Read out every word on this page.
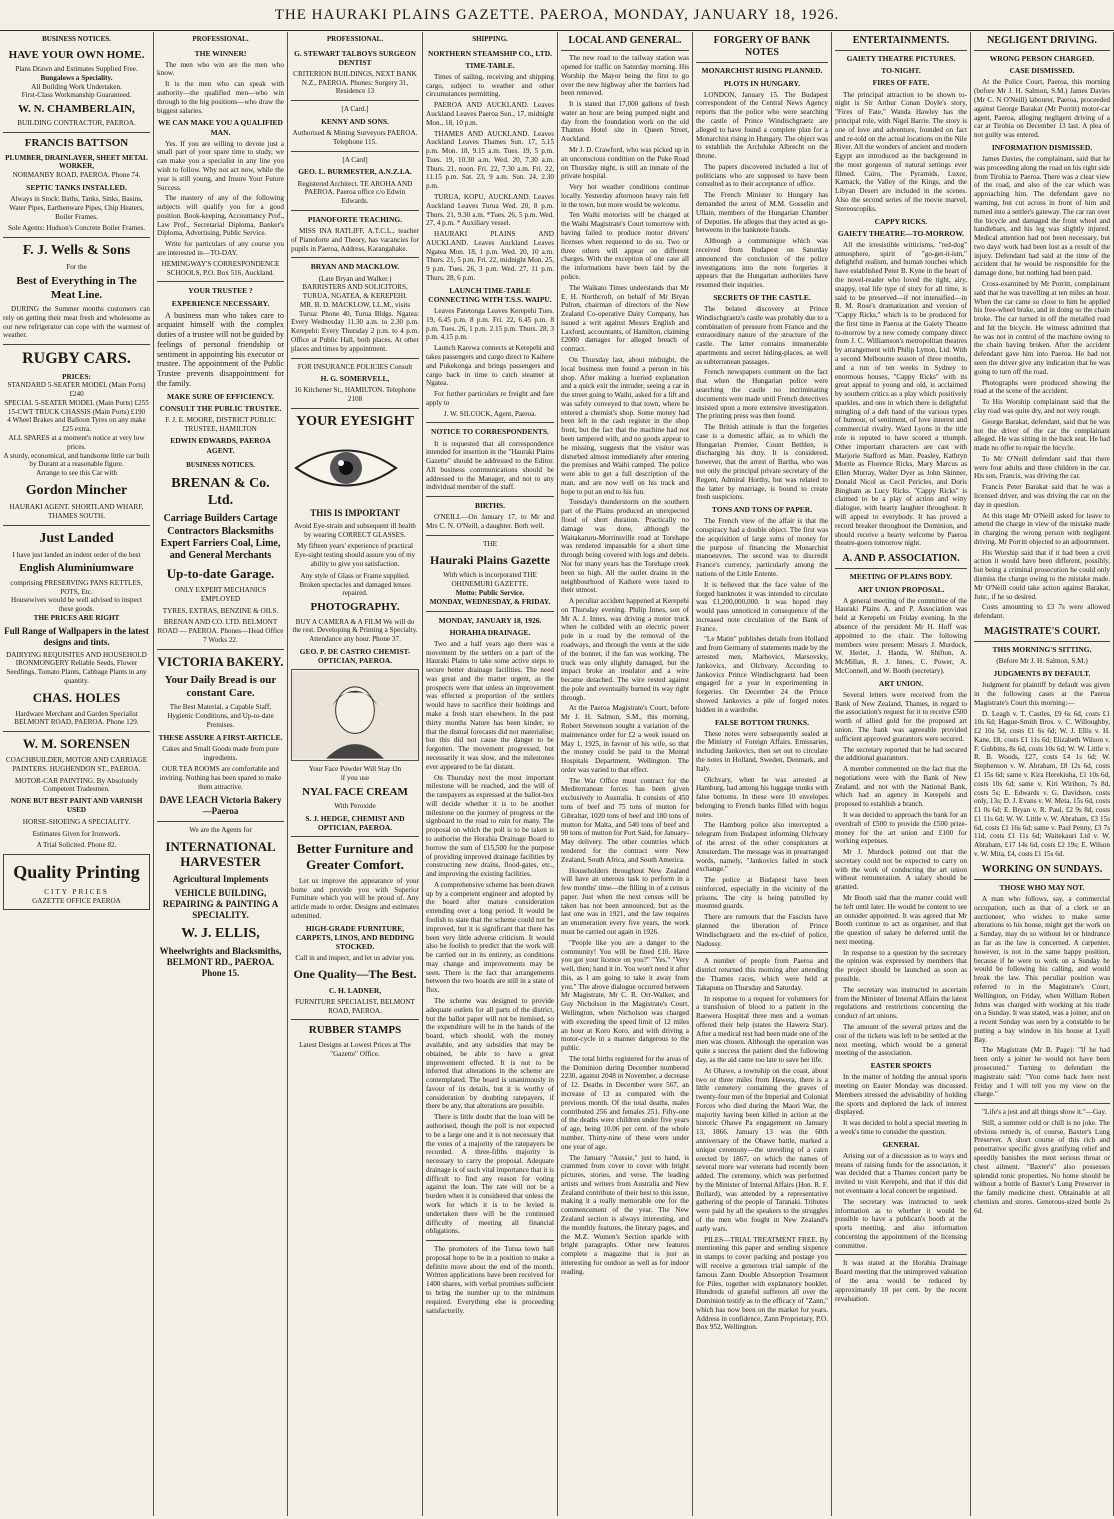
THE HAURAKI PLAINS GAZETTE. PAEROA, MONDAY, JANUARY 18, 1926.
BUSINESS NOTICES.
HAVE YOUR OWN HOME.
Plans Drawn and Estimates Supplied Free.
Bungalows a Speciality.
All Building Work Undertaken.
First-Class Workmanship Guaranteed.
W. N. CHAMBERLAIN,
BUILDING CONTRACTOR, PAEROA.
FRANCIS BATTSON
PLUMBER, DRAINLAYER, SHEET METAL WORKER,
NORMANBY ROAD, PAEROA. Phone 74.
SEPTIC TANKS INSTALLED.
Always in Stock: Baths, Tanks, Sinks, Basins, Water Pipes, Earthenware Pipes, Chip Heaters, Boiler Frames.
Sole Agents: Hudson's Concrete Boiler Frames.
F. J. Wells & Sons
For the
Best of Everything in The Meat Line.
DURING the Summer months customers can rely on getting their meat fresh and wholesome as our new refrigerator can cope with the warmest of weather.
RUGBY CARS.
PRICES:
STANDARD 5-SEATER MODEL (Main Ports) £240
SPECIAL 5-SEATER MODEL (Main Ports) £255
15-CWT TRUCK CHASSIS (Main Ports) £190
4 Wheel Brakes and Balloon Tyres on any make £25 extra.
ALL SPARES at a moment's notice at very low prices.
A sturdy, economical, and handsome little car built by Durant at a reasonable figure.
Arrange to see this Car with
Gordon Mincher
HAURAKI AGENT. SHORTLAND WHARF, THAMES SOUTH.
Just Landed
I have just landed an indent order of the best
English Aluminiumware
comprising PRESERVING PANS KETTLES, POTS, Etc.
Housewives would be well advised to inspect these goods.
THE PRICES ARE RIGHT
Full Range of Wallpapers in the latest designs and tints.
DAIRYING REQUISITES AND HOUSEHOLD IRONMONGERY Reliable Seeds, Flower Seedlings, Tomato Plants, Cabbage Plants in any quantity.
CHAS. HOLES
Hardware Merchant and Garden Specialist BELMONT ROAD, PAEROA. Phone 129.
W. M. SORENSEN
COACHBUILDER, MOTOR AND CARRIAGE PAINTERS. HUGHENDON ST., PAEROA.
MOTOR-CAR PAINTING. By Absolutely Competent Tradesmen.
NONE BUT BEST PAINT AND VARNISH USED
HORSE-SHOEING A SPECIALITY.
Estimates Given for Ironwork.
A Trial Solicited. Phone 82.
Quality Printing
CITY PRICES
GAZETTE OFFICE PAEROA
PROFESSIONAL.
THE WINNER!
The men who win are the men who know.
It is the men who can speak with authority—the qualified men—who win through to the big positions—who draw the biggest salaries.
WE CAN MAKE YOU A QUALIFIED MAN.
Yes. If you are willing to devote just a small part of your spare time to study, we can make you a specialist in any line you wish to follow. Why not act now, while the year is still young, and Insure Your Future Success.
The mastery of any of the following subjects will qualify you for a good position. Book-keeping, Accountancy Prof., Law Prof., Secretarial Diploma, Banker's Diploma, Advertising, Public Service.
Write for particulars of any course you are interested in—TO-DAY.
HEMINGWAY'S CORRESPONDENCE SCHOOLS, P.O. Box 516, Auckland.
YOUR TRUSTEE ?
EXPERIENCE NECESSARY.
A business man who takes care to acquaint himself with the complex duties of a trustee will not be guided by feelings of personal friendship or sentiment in appointing his executor or trustee. The appointment of the Public Trustee prevents disappointment for the family.
MAKE SURE OF EFFICIENCY.
CONSULT THE PUBLIC TRUSTEE.
F. J. E. MOORE, DISTRICT PUBLIC TRUSTEE, HAMILTON
EDWIN EDWARDS, PAEROA AGENT.
BUSINESS NOTICES.
BRENAN & Co. Ltd.
Carriage Builders Cartage Contractors Blacksmiths Expert Farriers Coal, Lime, and General Merchants
Up-to-date Garage.
ONLY EXPERT MECHANICS EMPLOYED
TYRES, EXTRAS, BENZINE & OILS.
BRENAN AND CO. LTD. BELMONT ROAD — PAEROA. Phones—Head Office 7 Works 22.
VICTORIA BAKERY.
Your Daily Bread is our constant Care.
The Best Material, a Capable Staff, Hygienic Conditions, and Up-to-date Premises.
THESE ASSURE A FIRST-ARTICLE.
Cakes and Small Goods made from pure ingredients.
OUR TEA ROOMS are comfortable and inviting. Nothing has been spared to make them attractive.
DAVE LEACH Victoria Bakery—Paeroa
We are the Agents for
INTERNATIONAL HARVESTER
Agricultural Implements
VEHICLE BUILDING, REPAIRING & PAINTING A SPECIALITY.
W. J. ELLIS,
Wheelwrights and Blacksmiths, BELMONT RD., PAEROA. Phone 15.
PROFESSIONAL.
G. STEWART TALBOYS SURGEON DENTIST
CRITERION BUILDINGS, NEXT BANK N.Z., PAEROA. Phones: Surgery 31, Residence 13
[A Card.]
KENNY AND SONS.
Authorised & Mining Surveyors PAEROA. Telephone 115.
[A Card]
GEO. L. BURMESTER, A.N.Z.I.A.
Registered Architect. TE AROHA AND PAEROA. Paeroa office c/o Edwin Edwards.
PIANOFORTE TEACHING.
MISS INA RATLIFF, A.T.C.L., teacher of Pianoforte and Theory, has vacancies for pupils in Paeroa, Address, Karangahake.
BRYAN AND MACKLOW.
(Late Bryan and Walker.)
BARRISTERS AND SOLICITORS, TURUA, NGATEA, & KEREPEHI.
MR. B. D. MACKLOW, LL.M., visits
Turua: Phone 40, Turua Bldgs. Ngatea: Every Wednesday 11.30 a.m. to 2.30 p.m. Kerepehi: Every Thursday 2 p.m. to 4 p.m. Office at Public Hall, both places. At other places and times by appointment.
FOR INSURANCE POLICIES Consult
H. G. SOMERVELL,
16 Kitchener St., HAMILTON. Telephone 2108
YOUR EYESIGHT
THIS IS IMPORTANT
Avoid Eye-strain and subsequent ill health by wearing CORRECT GLASSES.
My fifteen years' experience of practical Eye-sight testing should assure you of my ability to give you satisfaction.
Any style of Glass or Frame supplied. Broken spectacles and damaged lenses repaired.
PHOTOGRAPHY.
BUY A CAMERA & A FILM We will do the rest. Developing & Printing a Specialty. Attendance any hour. Phone 37.
GEO. P. DE CASTRO CHEMIST-OPTICIAN, PAEROA.
Your Face Powder Will Stay On
if you use
NYAL FACE CREAM
With Peroxide
S. J. HEDGE, CHEMIST AND OPTICIAN, PAEROA.
Better Furniture and Greater Comfort.
Let us improve the appearance of your home and provide you with Superior Furniture which you will be proud of. Any article made to order. Designs and estimates submitted.
HIGH-GRADE FURNITURE, CARPETS, LINOS, AND BEDDING STOCKED.
Call in and inspect, and let us advise you.
One Quality—The Best.
C. H. LADNER,
FURNITURE SPECIALIST, BELMONT ROAD, PAEROA.
RUBBER STAMPS
Latest Designs at Lowest Prices at The "Gazette" Office.
SHIPPING.
NORTHERN STEAMSHIP CO., LTD.
TIME-TABLE.
Times of sailing, receiving and shipping cargo, subject to weather and other circumstances permitting.
PAEROA AND AUCKLAND. Leaves Auckland Leaves Paeroa Sun., 17, midnight Mon., 18, 10 p.m.
THAMES AND AUCKLAND. Leaves Auckland Leaves Thames Sun. 17, 5.15 p.m. Mon. 18, 9.15 a.m. Tues. 19, 5 p.m. Tues. 19, 10.30 a.m. Wed. 20, 7.30 a.m. Thurs. 21, noon. Fri. 22, 7.30 a.m. Fri. 22, 11.15 p.m. Sat. 23, 9 a.m. Sun. 24, 2.30 p.m.
TURUA, KOPU, AUCKLAND. Leaves Auckland Leaves Turua Wed. 20, 8 p.m. Thurs. 21, 9.30 a.m. *Tues. 26, 5 p.m. Wed. 27, 4 p.m. * Auxiliary vessel.
HAURAKI PLAINS AND AUCKLAND. Leaves Auckland Leaves Ngatea Mon. 18, 1 p.m. Wed. 20, 10 a.m. Thurs. 21, 5 p.m. Fri. 22, midnight Mon. 25, 9 p.m. Tues. 26, 3 p.m. Wed. 27, 11 p.m. Thurs. 28, 6 p.m.
LAUNCH TIME-TABLE CONNECTING WITH T.S.S. WAIPU.
Leaves Patetonga Leaves Kerepehi Tues. 19, 6.45 p.m. 8 p.m. Fri. 22, 6.45 p.m. 8 p.m. Tues. 26, 1 p.m. 2.15 p.m. Thurs. 28, 3 p.m. 4.15 p.m.
Launch Karewa connects at Kerepehi and takes passengers and cargo direct to Kaihere and Pukekonga and brings passengers and cargo back in time to catch steamer at Ngatea.
For further particulars re freight and fare apply to
J. W. SILCOCK, Agent, Paeroa.
NOTICE TO CORRESPONDENTS.
It is requested that all correspondence intended for insertion in the "Hauraki Plains Gazette" should be addressed to the Editor. All business communications should be addressed to the Manager, and not to any individual member of the staff.
BIRTHS.
O'NEILL—On January 17, to Mr and Mrs C. N. O'Neill, a daughter. Both well.
THE
Hauraki Plains Gazette
With which is incorporated THE OHINEMURI GAZETTE.
Motto: Public Service.
MONDAY, WEDNESDAY, & FRIDAY.
MONDAY, JANUARY 18, 1926.
HORAHIA DRAINAGE.
Two and a half years ago there was a movement by the settlers on a part of the Hauraki Plains to take some active steps to secure better drainage facilities. The need was great and the matter urgent, as the prospects were that unless an improvement was effected a proportion of the settlers would have to sacrifice their holdings and make a fresh start elsewhere. In the past thirty months Nature has been kinder, so that the dismal forecasts did not materialise; but this did not cause the danger to be forgotten. The movement progressed, but necessarily it was slow, and the milestones ever appeared to be far distant.
On Thursday next the most important milestone will be reached, and the will of the ratepayers as expressed at the ballot-box will decide whether it is to be another milestone on the journey of progress or the signboard to the road to ruin for many. The proposal on which the poll is to be taken is to authorise the Horahia Drainage Board to borrow the sum of £15,500 for the purpose of providing improved drainage facilities by constructing new drains, flood-gates, etc., and improving the existing facilities.
A comprehensive scheme has been drawn up by a competent engineer and adopted by the board after mature consideration extending over a long period. It would be foolish to state that the scheme could not be improved, but it is significant that there has been very little adverse criticism. It would also be foolish to predict that the work will be carried out in its entirety, as conditions may change and improvements may be seen. There is the fact that arrangements between the two boards are still in a state of flux.
The scheme was designed to provide adequate outlets for all parts of the district, but the ballot paper will not be itemised, so the expenditure will be in the hands of the board, which should, with the money available, and any subsidies that may be obtained, be able to have a great improvement effected. It is not to be inferred that alterations in the scheme are contemplated. The board is unanimously in favour of its details, but it is worthy of consideration by doubting ratepayers, if there be any, that alterations are possible.
There is little doubt that the loan will be authorised, though the poll is not expected to be a large one and it is not necessary that the votes of a majority of the ratepayers be recorded. A three-fifths majority is necessary to carry the proposal. Adequate drainage is of such vital importance that it is difficult to find any reason for voting against the loan. The rate will not be a burden when it is considered that unless the work for which it is to be levied is undertaken there will be the continued difficulty of meeting all financial obligations.
The promoters of the Turua town hall proposal hope to be in a position to make a definite move about the end of the month. Written applications have been received for 1400 shares, with verbal promises sufficient to bring the number up to the minimum required. Everything else is proceeding satisfactorily.
LOCAL AND GENERAL.
The new road to the railway station was opened for traffic on Saturday morning. His Worship the Mayor being the first to go over the new highway after the barriers had been removed.
It is stated that 17,000 gallons of fresh water an hour are being pumped night and day from the foundation work on the old Thames Hotel site in Queen Street, Auckland.
Mr J. D. Crawford, who was picked up in an unconscious condition on the Puke Road on Thursday night, is still an inmate of the private hospital.
Very hot weather conditions continue locally. Yesterday afternoon heavy rain fell in the town, but more would be welcome.
Ten Waihi motorists will be charged at the Waihi Magistrate's Court tomorrow with having failed to produce motor drivers' licenses when requested to do so. Two or three others will appear on different charges. With the exception of one case all the informations have been laid by the police.
The Waikato Times understands that Mr E. H. Northcroft, on behalf of Mr Bryan Pulton, chairman of directors of the New Zealand Co-operative Dairy Company, has issued a writ against Messrs English and Laxford, accountants, of Hamilton, claiming £2000 damages for alleged breach of contract.
On Thursday last, about midnight, the local business men found a person in his shop. After making a hurried explanation and a quick exit the intruder, seeing a car in the street going to Waihi, asked for a lift and was safely conveyed to that town, where he entered a chemist's shop. Some money had been left in the cash register in the shop front, but the fact that the machine had not been tampered with, and no goods appear to be missing, suggests that the visitor was disturbed almost immediately after entering the premises and Waihi camped. The police were able to get a full description of the man, and are now well on his track and hope to put an end to his fun.
Tuesday's thunderstorm on the southern part of the Plains produced an unexpected flood of short duration. Practically no damage was done, although the Waitakaruru-Morrinsville road at Torehape was rendered impassable for a short time through being covered with logs and debris. Not for many years has the Torehape creek been so high. All the outlet drains in the neighbourhood of Kaihere were taxed to their utmost.
A peculiar accident happened at Kerepehi on Thursday evening. Philip Innes, son of Mr A. J. Innes, was driving a motor truck when he collided with an electric power pole in a road by the removal of the roadways, and through the vents at the side of the bonnet, if the fan was working. The truck was only slightly damaged, but the impact broke an insulator and a wire became detached. The wire rested against the pole and eventually burned its way right through.
At the Paeroa Magistrate's Court, before Mr J. H. Salmon, S.M., this morning, Robert Stevenson sought a variation of the maintenance order for £2 a week issued on May 1, 1925, in favour of his wife, so that the money could be paid to the Mental Hospitals Department, Wellington. The order was varied to that effect.
The War Office must contract for the Mediterranean forces has been given exclusively to Australia. It consists of 450 tons of beef and 75 tons of mutton for Gibraltar, 1020 tons of beef and 180 tons of mutton for Malta, and 540 tons of beef and 90 tons of mutton for Port Said, for January-May delivery. The other countries which tendered for the contract were New Zealand, South Africa, and South America.
Householders throughout New Zealand will have an onerous task to perform in a few months' time—the filling in of a census paper. Just when the next census will be taken has not been announced, but as the last one was in 1921, and the law requires an enumeration every five years, the work must be carried out again in 1926.
"People like you are a danger to the community! You will be fined £10. Have you got your licence on you?" "Yes." "Very well, then; hand it in. You won't need it after this, as I am going to take it away from you." The above dialogue occurred between Mr Magistrate, Mr C. R. Orr-Walker, and Guy Nicholson in the Magistrate's Court, Wellington, when Nicholson was charged with exceeding the speed limit of 12 miles an hour at Koro Koro, and with driving a motor-cycle in a manner dangerous to the public.
The total births registered for the areas of the Dominion during December numbered 2230, against 2048 in November, a decrease of 12. Deaths in December were 567, an increase of 13 as compared with the previous month. Of the total deaths, males contributed 256 and females 251. Fifty-one of the deaths were children under five years of age, being 10.06 per cent. of the whole number. Thirty-nine of these were under one year of age.
The January "Aussie," just to hand, is crammed from cover to cover with bright pictures, stories, and verse. The leading artists and writers from Australia and New Zealand contribute of their best to this issue, making it a really memorable one for the commencement of the year. The New Zealand section is always interesting, and the monthly features, the literary pages, and the M.Z. Women's Section sparkle with bright paragraphs. Other new features complete a magazine that is just as interesting for outdoor as well as for indoor reading.
FORGERY OF BANK NOTES
MONARCHIST RISING PLANNED.
PLOTS IN HUNGARY.
LONDON, January 15. The Budapest correspondent of the Central News Agency reports that the police who were searching the castle of Prince Windischgraetz are alleged to have found a complete plan for a Monarchist rising in Hungary. The object was to establish the Archduke Albrecht on the throne.
The papers discovered included a list of politicians who are supposed to have been consulted as to their acceptance of office.
The French Minister to Hungary has demanded the arrest of M.M. Gosselin and Ullain, members of the Hungarian Chamber of Deputies. He alleges that they acted as go-betweens in the banknote frauds.
Although a communique which was received from Budapest on Saturday announced the conclusion of the police investigations into the note forgeries it appears that the Hungarian authorities have resumed their inquiries.
SECRETS OF THE CASTLE.
The belated discovery at Prince Windischgraetz's castle was probably due to a combination of pressure from France and the extraordinary nature of the structure of the castle. The latter contains innumerable apartments and secret hiding-places, as well as subterranean passages.
French newspapers comment on the fact that when the Hungarian police were searching the castle no incriminating documents were made until French detectives insisted upon a more extensive investigation. The printing press was then found.
The British attitude is that the forgeries case is a domestic affair, as to which the Hungarian Premier, Count Bethlen, is discharging his duty. It is considered, however, that the arrest of Bartha, who was not only the principal private secretary of the Regent, Admiral Horthy, but was related to the latter by marriage, is bound to create fresh suspicions.
TONS AND TONS OF PAPER.
The French view of the affair is that the conspiracy had a double object. The first was the acquisition of large sums of money for the purpose of financing the Monarchist manoeuvres. The second was to discredit France's currency, particularly among the nations of the Little Entente.
It is believed that the face value of the forged banknotes it was intended to circulate was £1,200,000,000. It was hoped they would pass unnoticed in consequence of the increased note circulation of the Bank of France.
"Le Matin" publishes details from Holland and from Germany of statements made by the arrested men, Marhovics, Marsovsky, Jankovics, and Olchvary. According to Jankovics Prince Windischgraetz had been engaged for a year in experimenting in forgeries. On December 24 the Prince showed Jankovics a pile of forged notes hidden in a wardrobe.
FALSE BOTTOM TRUNKS.
These notes were subsequently sealed at the Ministry of Foreign Affairs. Emissaries, including Jankovics, then set out to circulate the notes in Holland, Sweden, Denmark, and Italy.
Olchvary, when he was arrested at Hamburg, had among his luggage trunks with false bottoms. In these were 10 envelopes belonging to French banks filled with bogus notes.
The Hamburg police also intercepted a telegram from Budapest informing Olchvary of the arrest of the other conspirators at Amsterdam. The message was in prearranged words, namely, "Jankovics failed in stock exchange."
The police at Budapest have been reinforced, especially in the vicinity of the prisons. The city is being patrolled by mounted guards.
There are rumours that the Fascists have planned the liberation of Prince Windischgraetz and the ex-chief of police, Nadossy.
A number of people from Paeroa and district returned this morning after attending the Thames races, which were held at Takapuna on Thursday and Saturday.
In response to a request for volunteers for a transfusion of blood to a patient in the Raewera Hospital three men and a woman offered their help (states the Hawera Star). After a medical test had been made one of the men was chosen. Although the operation was quite a success the patient died the following day, as the aid came too late to save her life.
At Ohawe, a township on the coast, about two or three miles from Hawera, there is a little cemetery containing the graves of twenty-four men of the Imperial and Colonial Forces who died during the Maori War, the majority having been killed in action at the historic Ohawe Pa engagement on January 13, 1866. January 13 was the 60th anniversary of the Ohawe battle, marked a unique ceremony—the unveiling of a cairn erected by 1867, on which the names of several more war veterans had recently been added. The ceremony, which was performed by the Minister of Internal Affairs (Hon. R. F. Bollard), was attended by a representative gathering of the people of Taranaki. Tributes were paid by all the speakers to the struggles of the men who fought in New Zealand's early wars.
PILES—TRIAL TREATMENT FREE. By mentioning this paper and sending sixpence in stamps to cover packing and postage you will receive a generous trial sample of the famous Zann Double Absorption Treatment for Piles, together with explanatory booklet. Hundreds of grateful sufferers all over the Dominion testify as to the efficacy of "Zann," which has now been on the market for years. Address in confidence, Zann Proprietary, P.O. Box 952, Wellington.
ENTERTAINMENTS.
GAIETY THEATRE PICTURES.
TO-NIGHT.
FIRES OF FATE.
The principal attraction to be shown to-night is Sir Arthur Conan Doyle's story, "Fires of Fate," Wanda Hawley has the principal role, with Nigel Barrie. The story is one of love and adventure, founded on fact and re-told on the actual locations on the Nile River. All the wonders of ancient and modern Egypt are introduced as the background in the most gorgeous of natural settings ever filmed. Cairo, The Pyramids, Luxor, Karnack, the Valley of the Kings, and the Libyan Desert are included in the scenes. Also the second series of the movie marvel, Stereoscopiks.
CAPPY RICKS.
GAIETY THEATRE—TO-MORROW.
All the irresistible witticisms, "red-dog" atmosphere, spirit of "go-get-it-ism," delightful realism, and human touches which have established Peter B. Kyne in the heart of the novel-reader who loved the tight, airy, snappy, real life type of story for all time, is said to be preserved—if not intensified—in R. M. Rose's dramatization and version of "Cappy Ricks," which is to be produced for the first time in Paeroa at the Gaiety Theatre to-morrow by a new comedy company direct from J. C. Williamson's metropolitan theatres by arrangement with Philip Lytton, Ltd. With a second Melbourne season of three months, and a run of ten weeks in Sydney to enormous houses, "Cappy Ricks" with its great appeal to young and old, is acclaimed by southern critics as a play which positively sparkles, and one in which there is delightful mingling of a deft hand of the various types of humour, of sentiment, of love interest and commercial rivalry. Ward Lyons in the title role is reputed to have scored a triumph. Other important characters are cast with Marjorie Stafford as Matt. Peasley, Kathryn Morrie as Florence Ricks, Mary Marcus as Ellen Murray, Walter Dyer as John Skinner, Donald Nicol as Cecil Pericles, and Doris Bingham as Lucy Ricks. "Cappy Ricks" is claimed to be a play of action and witty dialogue, with hearty laughter throughout. It will appeal to everybody. It has proved a record breaker throughout the Dominion, and should receive a hearty welcome by Paeroa theatre-goers tomorrow night.
A. AND P. ASSOCIATION.
MEETING OF PLAINS BODY.
ART UNION PROPOSAL.
A general meeting of the committee of the Hauraki Plains A. and P. Association was held at Kerepehi on Friday evening. In the absence of the president Mr H. Hoff was appointed to the chair. The following members were present: Messrs J. Murdock, W. Herlet, J. Handa, W. Shifton, A. McMillan, R. J. Innes, C. Power, A. McConnell, and W. Booth (secretary).
ART UNION.
Several letters were received from the Bank of New Zealand, Thames, in regard to the association's request for it to receive £500 worth of allied gold for the proposed art union. The bank was agreeable provided sufficient approved guarantors were secured.
The secretary reported that he had secured the additional guarantors.
A member commented on the fact that the negotiations were with the Bank of New Zealand, and not with the National Bank, which had an agency in Kerepehi and proposed to establish a branch.
It was decided to approach the bank for an overdraft of £500 to provide the £500 prize-money for the art union and £100 for working expenses.
Mr J. Murdock pointed out that the secretary could not be expected to carry on with the work of conducting the art union without remuneration. A salary should be granted.
Mr Booth said that the matter could well be left until later. He would be content to see an outsider appointed. It was agreed that Mr Booth continue to act as organiser, and that the question of salary be deferred until the next meeting.
In response to a question by the secretary the opinion was expressed by members that the project should be launched as soon as possible.
The secretary was instructed to ascertain from the Minister of Internal Affairs the latest regulations and restrictions concerning the conduct of art unions.
The amount of the several prizes and the cost of the tickets was left to be settled at the next meeting, which would be a general meeting of the association.
EASTER SPORTS
In the matter of holding the annual sports meeting on Easter Monday was discussed. Members stressed the advisability of holding the sports and deplored the lack of interest displayed.
It was decided to hold a special meeting in a week's time to consider the question.
GENERAL
Arising out of a discussion as to ways and means of raising funds for the association, it was decided that a Thames concert party be invited to visit Kerepehi, and that if this did not eventuate a local concert be organised.
The secretary was instructed to seek information as to whether it would be possible to have a publican's booth at the sports meeting, and also information concerning the appointment of the licensing committee.
It was stated at the Horahia Drainage Board meeting that the unimproved valuation of the area would be reduced by approximately 10 per cent. by the recent revaluation.
NEGLIGENT DRIVING.
WRONG PERSON CHARGED.
CASE DISMISSED.
At the Police Court, Paeroa, this morning (before Mr J. H. Salmon, S.M.) James Davies (Mr C. N O'Neill) labourer, Paeroa, proceeded against George Barakat (Mr Porritt) motor-car agent, Paeroa, alleging negligent driving of a car at Tirohia on December 13 last. A plea of not guilty was entered.
INFORMATION DISMISSED.
James Davies, the complainant, said that he was proceeding along the road on his right side from Tirohia to Paeroa. There was a clear view of the road, and also of the car which was approaching him. The defendant gave no warning, but cut across in front of him and turned into a settler's gateway. The car ran over the bicycle and damaged the front wheel and handlebars, and his leg was slightly injured. Medical attention had not been necessary, but two days' work had been lost as a result of the injury. Defendant had said at the time of the accident that he would be responsible for the damage done, but nothing had been paid.
Cross-examined by Mr Porritt, complainant said that he was travelling at ten miles an hour. When the car came so close to him he applied his free-wheel brake, and in doing so the chain broke. The car turned in off the metalled road and hit the bicycle. He witness admitted that he was not in control of the machine owing to the chain having broken. After the accident defendant gave him into Paeroa. He had not seen the driver give any indication that he was going to turn off the road.
Photographs were produced showing the road at the scene of the accident.
To His Worship complainant said that the clay road was quite dry, and not very rough.
George Barakat, defendant, said that he was not the driver of the car the complainant alleged. He was sitting in the back seat. He had made no offer to repair the bicycle.
To Mr O'Neill defendant said that there were four adults and three children in the car. His son, Francis, was driving the car.
Francis Peter Barakat said that he was a licensed driver, and was driving the car on the day in question.
At this stage Mr O'Neill asked for leave to amend the charge in view of the mistake made in charging the wrong person with negligent driving. Mr Porritt objected to an adjournment.
His Worship said that if it had been a civil action it would have been different, possibly, but being a criminal prosecution he could only dismiss the charge owing to the mistake made. Mr O'Neill could take action against Barakat, Junr., if he so desired.
Costs amounting to £3 7s were allowed defendant.
MAGISTRATE'S COURT.
THIS MORNING'S SITTING.
(Before Mr J. H. Salmon, S.M.)
JUDGMENTS BY DEFAULT.
Judgment for plaintiff by default was given in the following cases at the Paeroa Magistrate's Court this morning:—
D. Leagh v. T. Castles, £9 6s 6d, costs £1 10s 6d; Hague-Smith Bros. v. C. Willoughby, £2 10s 5d, costs £1 6s 6d; W. J. Ellis v. H. Kane, £8, costs £1 11s 6d; Elizabeth Wilson v. F. Gubbins, 8s 6d, costs 10s 6d; W. W. Little v. R. B. Woods, £27, costs £4 1s 6d; W. Stephenson v. W. Abraham, £8 12s 6d, costs £1 15s 6d; same v. Kira Herekiuha, £1 10s 6d, costs 10s 6d; same v. Kiri Wirihon, 7s 8d, costs 5s; E. Edwards v. G. Davidson, costs only, 13s; D. J. Evans v. W. Meta, 15s 6d, costs £1 0s 6d; E. Bryan v. R. Paul, £2 9s 8d, costs £1 11s 6d; W. W. Little v. W. Abraham, £3 15s 6d, costs £1 16s 6d; same v. Paul Penny, £3 7s 11d, costs £1 11s 6d; Waitekauri Ltd v. W. Abraham, £17 14s 6d, costs £2 19s; E. Wilson v. W. Mita, £4, costs £1 15s 6d.
WORKING ON SUNDAYS.
THOSE WHO MAY NOT.
A man who follows, say, a commercial occupation, such as that of a clerk or an auctioneer, who wishes to make some alterations to his house, might get the work on a Sunday, may do so without let or hindrance as far as the law is concerned. A carpenter, however, is not in the same happy position, because if he were to work on a Sunday he would be following his calling, and would break the law. This peculiar position was referred to in the Magistrate's Court, Wellington, on Friday, when William Robert Johns was charged with working at his trade on a Sunday. It was stated, was a joiner, and on a recent Sunday was seen by a constable to be putting a bay window in his house at Lyall Bay.
The Magistrate (Mr B. Page): "If he had been only a joiner he would not have been prosecuted." Turning to defendant the magistrate said: "You come back here next Friday and I will tell you my view on the charge."
"Life's a jest and all things show it."—Gay.
Still, a summer cold or chill is no joke. The obvious remedy is, of course, Baxter's Lung Preserver. A short course of this rich and penetrative specific gives gratifying relief and speedily banishes the most serious throat or chest ailment. "Baxter's" also possesses splendid tonic properties. No home should be without a bottle of Baxter's Lung Preserver in the family medicine chest. Obtainable at all chemists and stores. Generous-sized bottle 2s 6d.
